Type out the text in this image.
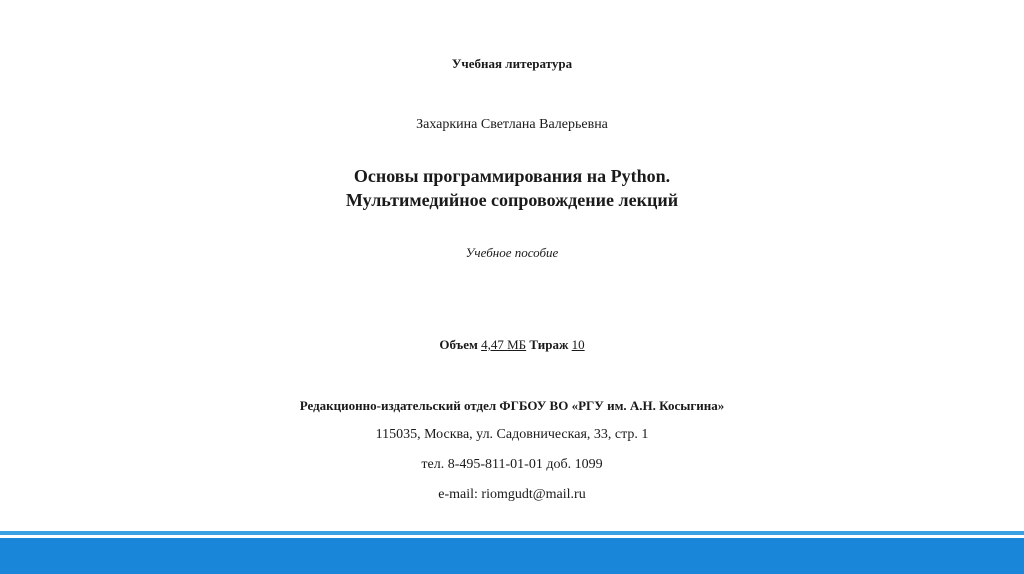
Учебная литература
Захаркина Светлана Валерьевна
Основы программирования на Python.
Мультимедийное сопровождение лекций
Учебное пособие
Объем 4,47 МБ Тираж 10
Редакционно-издательский отдел ФГБОУ ВО «РГУ им. А.Н. Косыгина»
115035, Москва, ул. Садовническая, 33, стр. 1
тел. 8-495-811-01-01 доб. 1099
e-mail: riomgudt@mail.ru
